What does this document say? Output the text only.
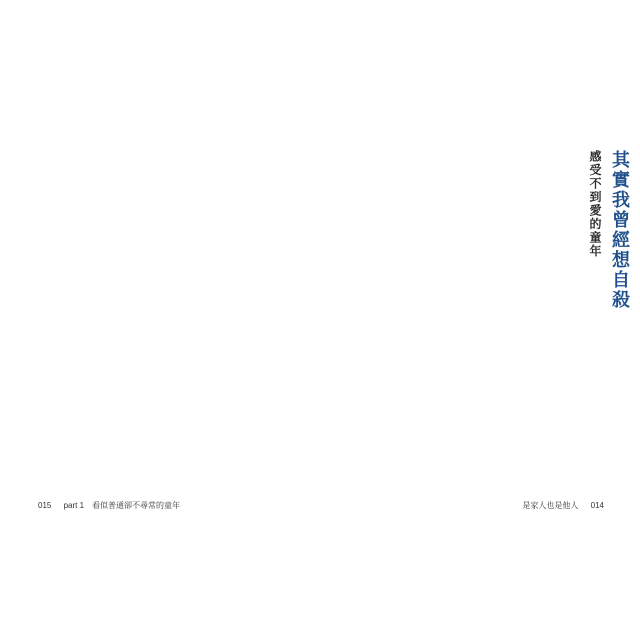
其實我曾經想自殺
感受不到愛的童年
015 part 1　看似普通卻不尋常的童年	是家人也是他人 014
